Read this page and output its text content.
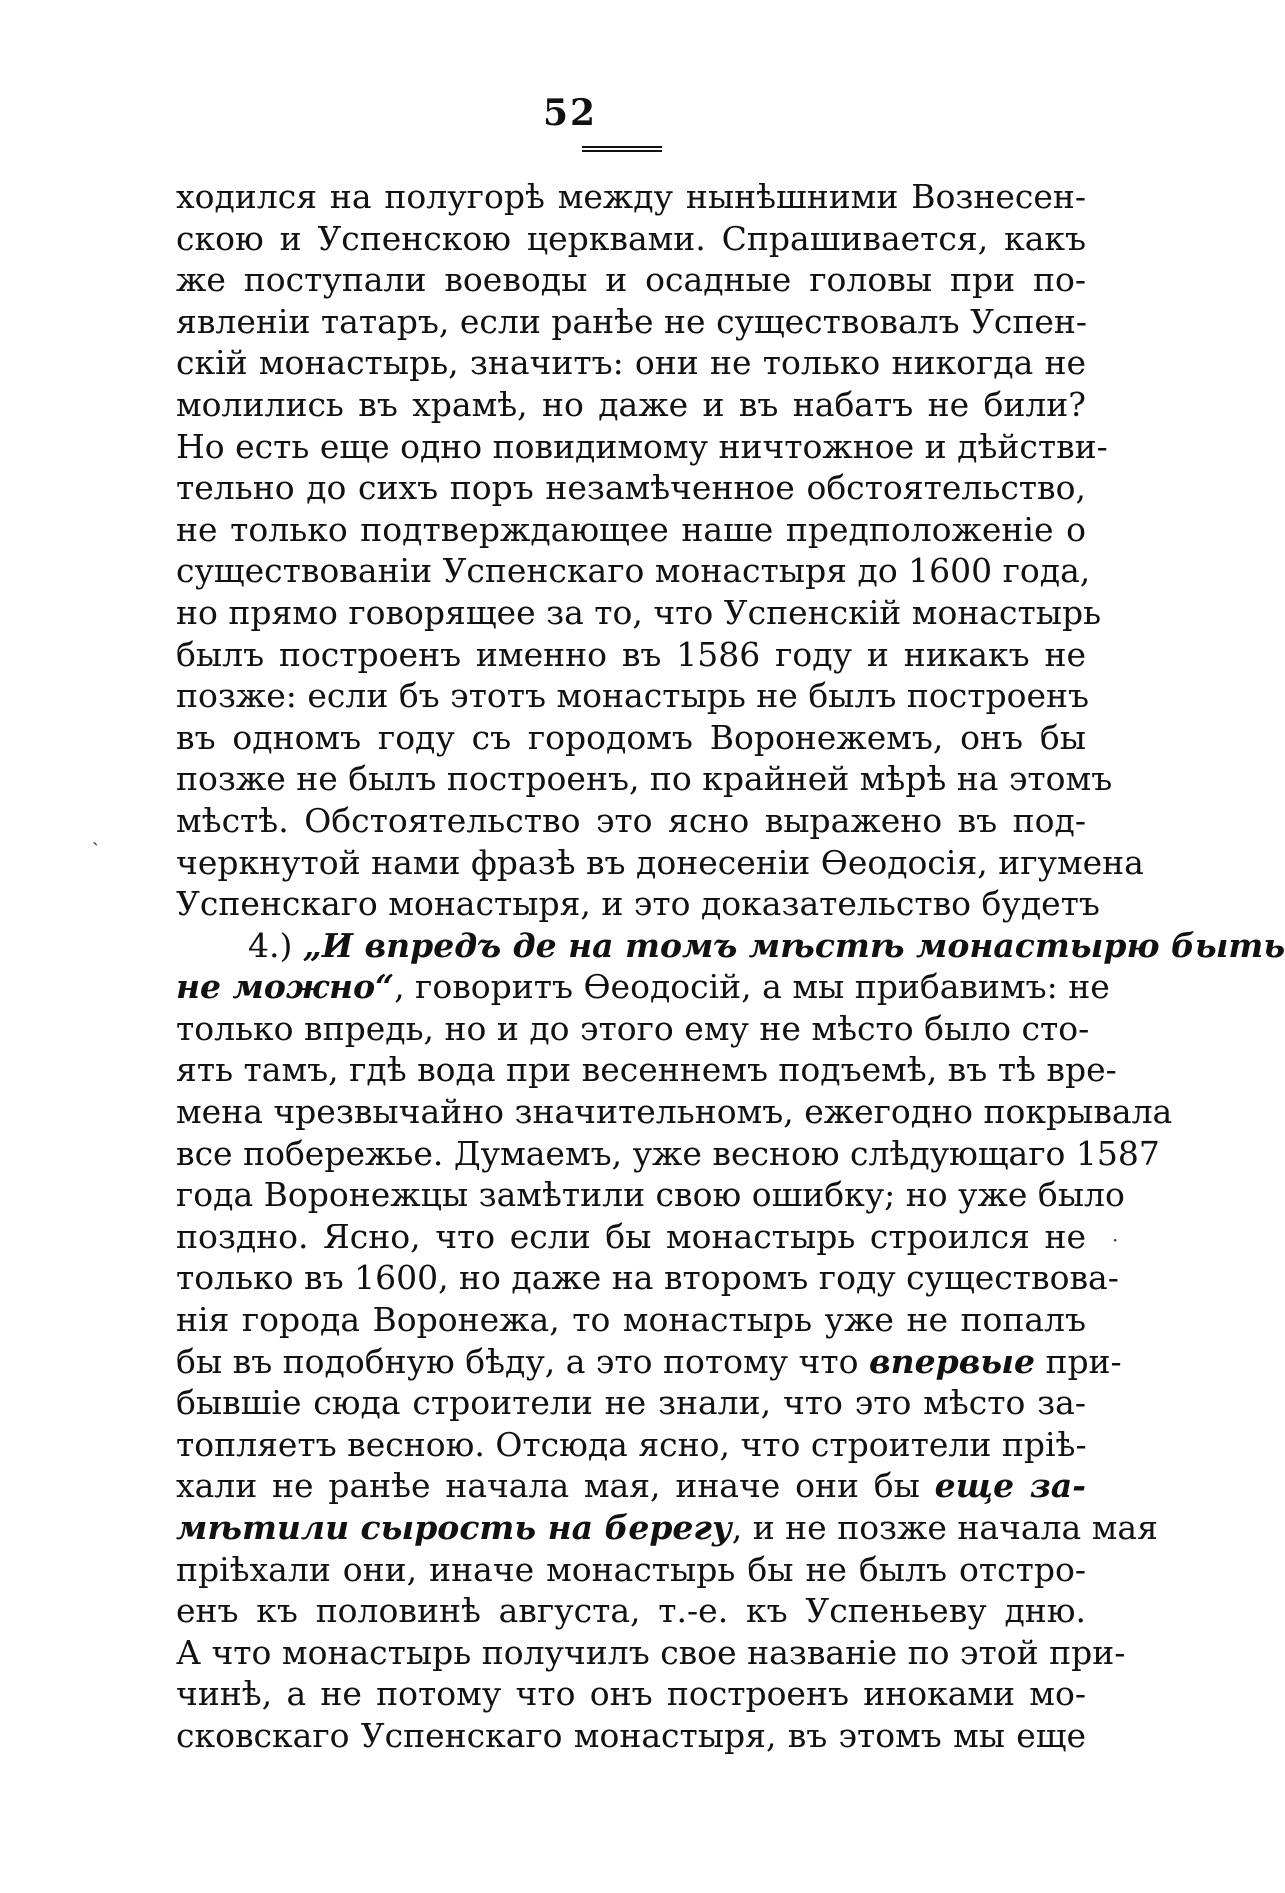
52
ходился на полугорѣ между нынѣшними Вознесен-
скою и Успенскою церквами. Спрашивается, какъ
же поступали воеводы и осадные головы при по-
явленіи татаръ, если ранѣе не существовалъ Успен-
скій монастырь, значитъ: они не только никогда не
молились въ храмѣ, но даже и въ набатъ не били?
Но есть еще одно повидимому ничтожное и дѣйстви-
тельно до сихъ поръ незамѣченное обстоятельство,
не только подтверждающее наше предположеніе о
существованіи Успенскаго монастыря до 1600 года,
но прямо говорящее за то, что Успенскій монастырь
былъ построенъ именно въ 1586 году и никакъ не
позже: если бъ этотъ монастырь не былъ построенъ
въ одномъ году съ городомъ Воронежемъ, онъ бы
позже не былъ построенъ, по крайней мѣрѣ на этомъ
мѣстѣ. Обстоятельство это ясно выражено въ под-
черкнутой нами фразѣ въ донесеніи Ѳеодосія, игумена
Успенскаго монастыря, и это доказательство будетъ
4.) „И впредъ де на томъ мѣстѣ монастырю быть
не можно“, говоритъ Ѳеодосій, а мы прибавимъ: не
только впредь, но и до этого ему не мѣсто было сто-
ять тамъ, гдѣ вода при весеннемъ подъемѣ, въ тѣ вре-
мена чрезвычайно значительномъ, ежегодно покрывала
все побережье. Думаемъ, уже весною слѣдующаго 1587
года Воронежцы замѣтили свою ошибку; но уже было
поздно. Ясно, что если бы монастырь строился не
только въ 1600, но даже на второмъ году существова-
нія города Воронежа, то монастырь уже не попалъ
бы въ подобную бѣду, а это потому что впервые при-
бывшіе сюда строители не знали, что это мѣсто за-
топляетъ весною. Отсюда ясно, что строители пріѣ-
хали не ранѣе начала мая, иначе они бы еще за-
мѣтили сырость на берегу, и не позже начала мая
пріѣхали они, иначе монастырь бы не былъ отстро-
енъ къ половинѣ августа, т.-е. къ Успеньеву дню.
А что монастырь получилъ свое названіе по этой при-
чинѣ, а не потому что онъ построенъ иноками мо-
сковскаго Успенскаго монастыря, въ этомъ мы еще
ˎ
·
